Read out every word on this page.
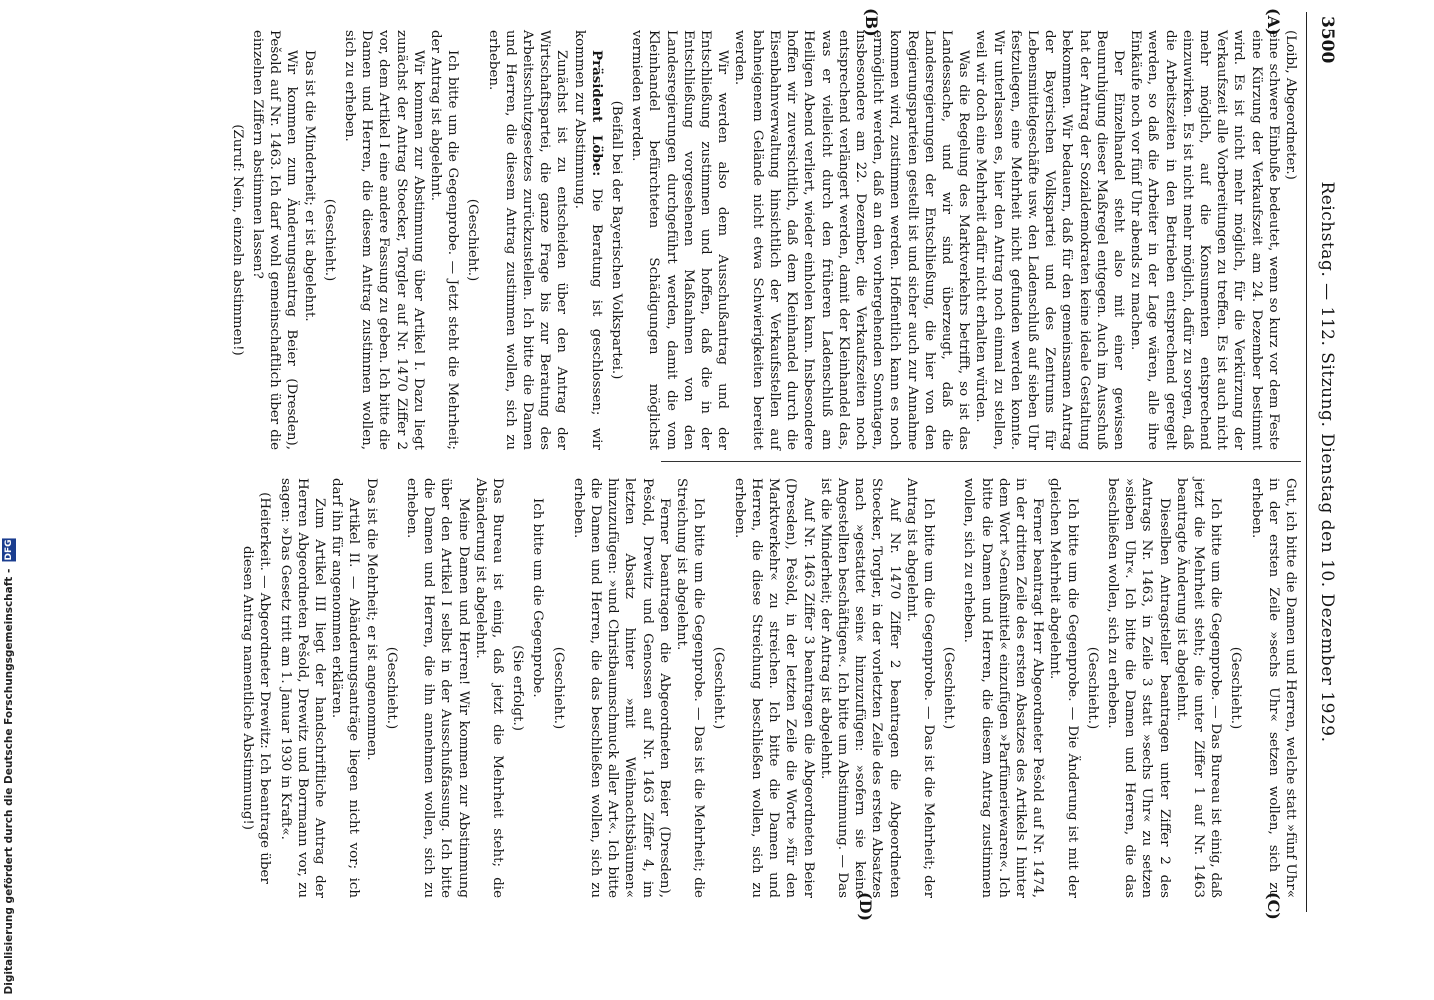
3500
Reichstag. — 112. Sitzung. Dienstag den 10. Dezember 1929.
(A)
(B)
(C)
(D)

(Loibl, Abgeordneter.)

eine schwere Einbuße bedeutet, wenn so kurz vor dem Feste eine Kürzung der Verkaufszeit am 24. Dezember bestimmt wird. Es ist nicht mehr möglich, für die Verkürzung der Verkaufszeit alle Vorbereitungen zu treffen. Es ist auch nicht mehr möglich, auf die Konsumenten entsprechend einzuwirken. Es ist nicht mehr möglich, dafür zu sorgen, daß die Arbeitszeiten in den Betrieben entsprechend geregelt werden, so daß die Arbeiter in der Lage wären, alle ihre Einkäufe noch vor fünf Uhr abends zu machen.

Der Einzelhandel steht also mit einer gewissen Beunruhigung dieser Maßregel entgegen. Auch im Ausschuß hat der Antrag der Sozialdemokraten keine ideale Gestaltung bekommen. Wir bedauern, daß für den gemeinsamen Antrag der Bayerischen Volkspartei und des Zentrums für Lebensmittelgeschäfte usw. den Ladenschluß auf sieben Uhr festzulegen, eine Mehrheit nicht gefunden werden konnte. Wir unterlassen es, hier den Antrag noch einmal zu stellen, weil wir doch eine Mehrheit dafür nicht erhalten würden.

Was die Regelung des Marktverkehrs betrifft, so ist das Landessache, und wir sind überzeugt, daß die Landesregierungen der Entschließung, die hier von den Regierungsparteien gestellt ist und sicher auch zur Annahme kommen wird, zustimmen werden. Hoffentlich kann es noch ermöglicht werden, daß an den vorhergehenden Sonntagen, insbesondere am 22. Dezember, die Verkaufszeiten noch entsprechend verlängert werden, damit der Kleinhandel das, was er vielleicht durch den früheren Ladenschluß am Heiligen Abend verliert, wieder einholen kann. Insbesondere hoffen wir zuversichtlich, daß dem Kleinhandel durch die Eisenbahnverwaltung hinsichtlich der Verkaufsstellen auf bahneigenem Gelände nicht etwa Schwierigkeiten bereitet werden.

Wir werden also dem Ausschußantrag und der Entschließung zustimmen und hoffen, daß die in der Entschließung vorgesehenen Maßnahmen von den Landesregierungen durchgeführt werden, damit die vom Kleinhandel befürchteten Schädigungen möglichst vermieden werden.

(Beifall bei der Bayerischen Volkspartei.)

Präsident Löbe: Die Beratung ist geschlossen; wir kommen zur Abstimmung.

Zunächst ist zu entscheiden über den Antrag der Wirtschaftspartei, die ganze Frage bis zur Beratung des Arbeitsschutzgesetzes zurückzustellen. Ich bitte die Damen und Herren, die diesem Antrag zustimmen wollen, sich zu erheben.

(Geschieht.)

Ich bitte um die Gegenprobe. — Jetzt steht die Mehrheit; der Antrag ist abgelehnt.

Wir kommen zur Abstimmung über Artikel I. Dazu liegt zunächst der Antrag Stoecker, Torgler auf Nr. 1470 Ziffer 2 vor, dem Artikel I eine andere Fassung zu geben. Ich bitte die Damen und Herren, die diesem Antrag zustimmen wollen, sich zu erheben.

(Geschieht.)

Das ist die Minderheit; er ist abgelehnt.

Wir kommen zum Änderungsantrag Beier (Dresden), Pešold auf Nr. 1463. Ich darf wohl gemeinschaftlich über die einzelnen Ziffern abstimmen lassen?

(Zuruf: Nein, einzeln abstimmen!)

Gut, ich bitte die Damen und Herren, welche statt »fünf Uhr« in der ersten Zeile »sechs Uhr« setzen wollen, sich zu erheben.

(Geschieht.)

Ich bitte um die Gegenprobe. — Das Bureau ist einig, daß jetzt die Mehrheit steht; die unter Ziffer 1 auf Nr. 1463 beantragte Änderung ist abgelehnt.

Dieselben Antragsteller beantragen unter Ziffer 2 des Antrags Nr. 1463, in Zeile 3 statt »sechs Uhr« zu setzen »sieben Uhr«. Ich bitte die Damen und Herren, die das beschließen wollen, sich zu erheben.

(Geschieht.)

Ich bitte um die Gegenprobe. — Die Änderung ist mit der gleichen Mehrheit abgelehnt.

Ferner beantragt Herr Abgeordneter Pešold auf Nr. 1474, in der dritten Zeile des ersten Absatzes des Artikels I hinter dem Wort »Genußmittel« einzufügen »Parfümeriewaren«. Ich bitte die Damen und Herren, die diesem Antrag zustimmen wollen, sich zu erheben.

(Geschieht.)

Ich bitte um die Gegenprobe. — Das ist die Mehrheit; der Antrag ist abgelehnt.

Auf Nr. 1470 Ziffer 2 beantragen die Abgeordneten Stoecker, Torgler, in der vorletzten Zeile des ersten Absatzes nach »gestattet sein« hinzuzufügen: »sofern sie keine Angestellten beschäftigen«. Ich bitte um Abstimmung. — Das ist die Minderheit; der Antrag ist abgelehnt.

Auf Nr. 1463 Ziffer 3 beantragen die Abgeordneten Beier (Dresden), Pešold, in der letzten Zeile die Worte »für den Marktverkehr« zu streichen. Ich bitte die Damen und Herren, die diese Streichung beschließen wollen, sich zu erheben.

(Geschieht.)

Ich bitte um die Gegenprobe. — Das ist die Mehrheit; die Streichung ist abgelehnt.

Ferner beantragen die Abgeordneten Beier (Dresden), Pešold, Drewitz und Genossen auf Nr. 1463 Ziffer 4, im letzten Absatz hinter »mit Weihnachtsbäumen« hinzuzufügen: »und Christbaumschmuck aller Art«. Ich bitte die Damen und Herren, die das beschließen wollen, sich zu erheben.

(Geschieht.)

Ich bitte um die Gegenprobe.

(Sie erfolgt.)

Das Bureau ist einig, daß jetzt die Mehrheit steht; die Abänderung ist abgelehnt.

Meine Damen und Herren! Wir kommen zur Abstimmung über den Artikel I selbst in der Ausschußfassung. Ich bitte die Damen und Herren, die ihn annehmen wollen, sich zu erheben.

(Geschieht.)

Das ist die Mehrheit; er ist angenommen.

Artikel II. — Abänderungsanträge liegen nicht vor; ich darf ihn für angenommen erklären.

Zum Artikel III liegt der handschriftliche Antrag der Herren Abgeordneten Pešold, Drewitz und Borrmann vor, zu sagen: »Das Gesetz tritt am 1. Januar 1930 in Kraft«.

(Heiterkeit. — Abgeordneter Drewitz: Ich beantrage über diesen Antrag namentliche Abstimmung!)

Digitalisierung gefördert durch die Deutsche Forschungsgemeinschaft - DFG
